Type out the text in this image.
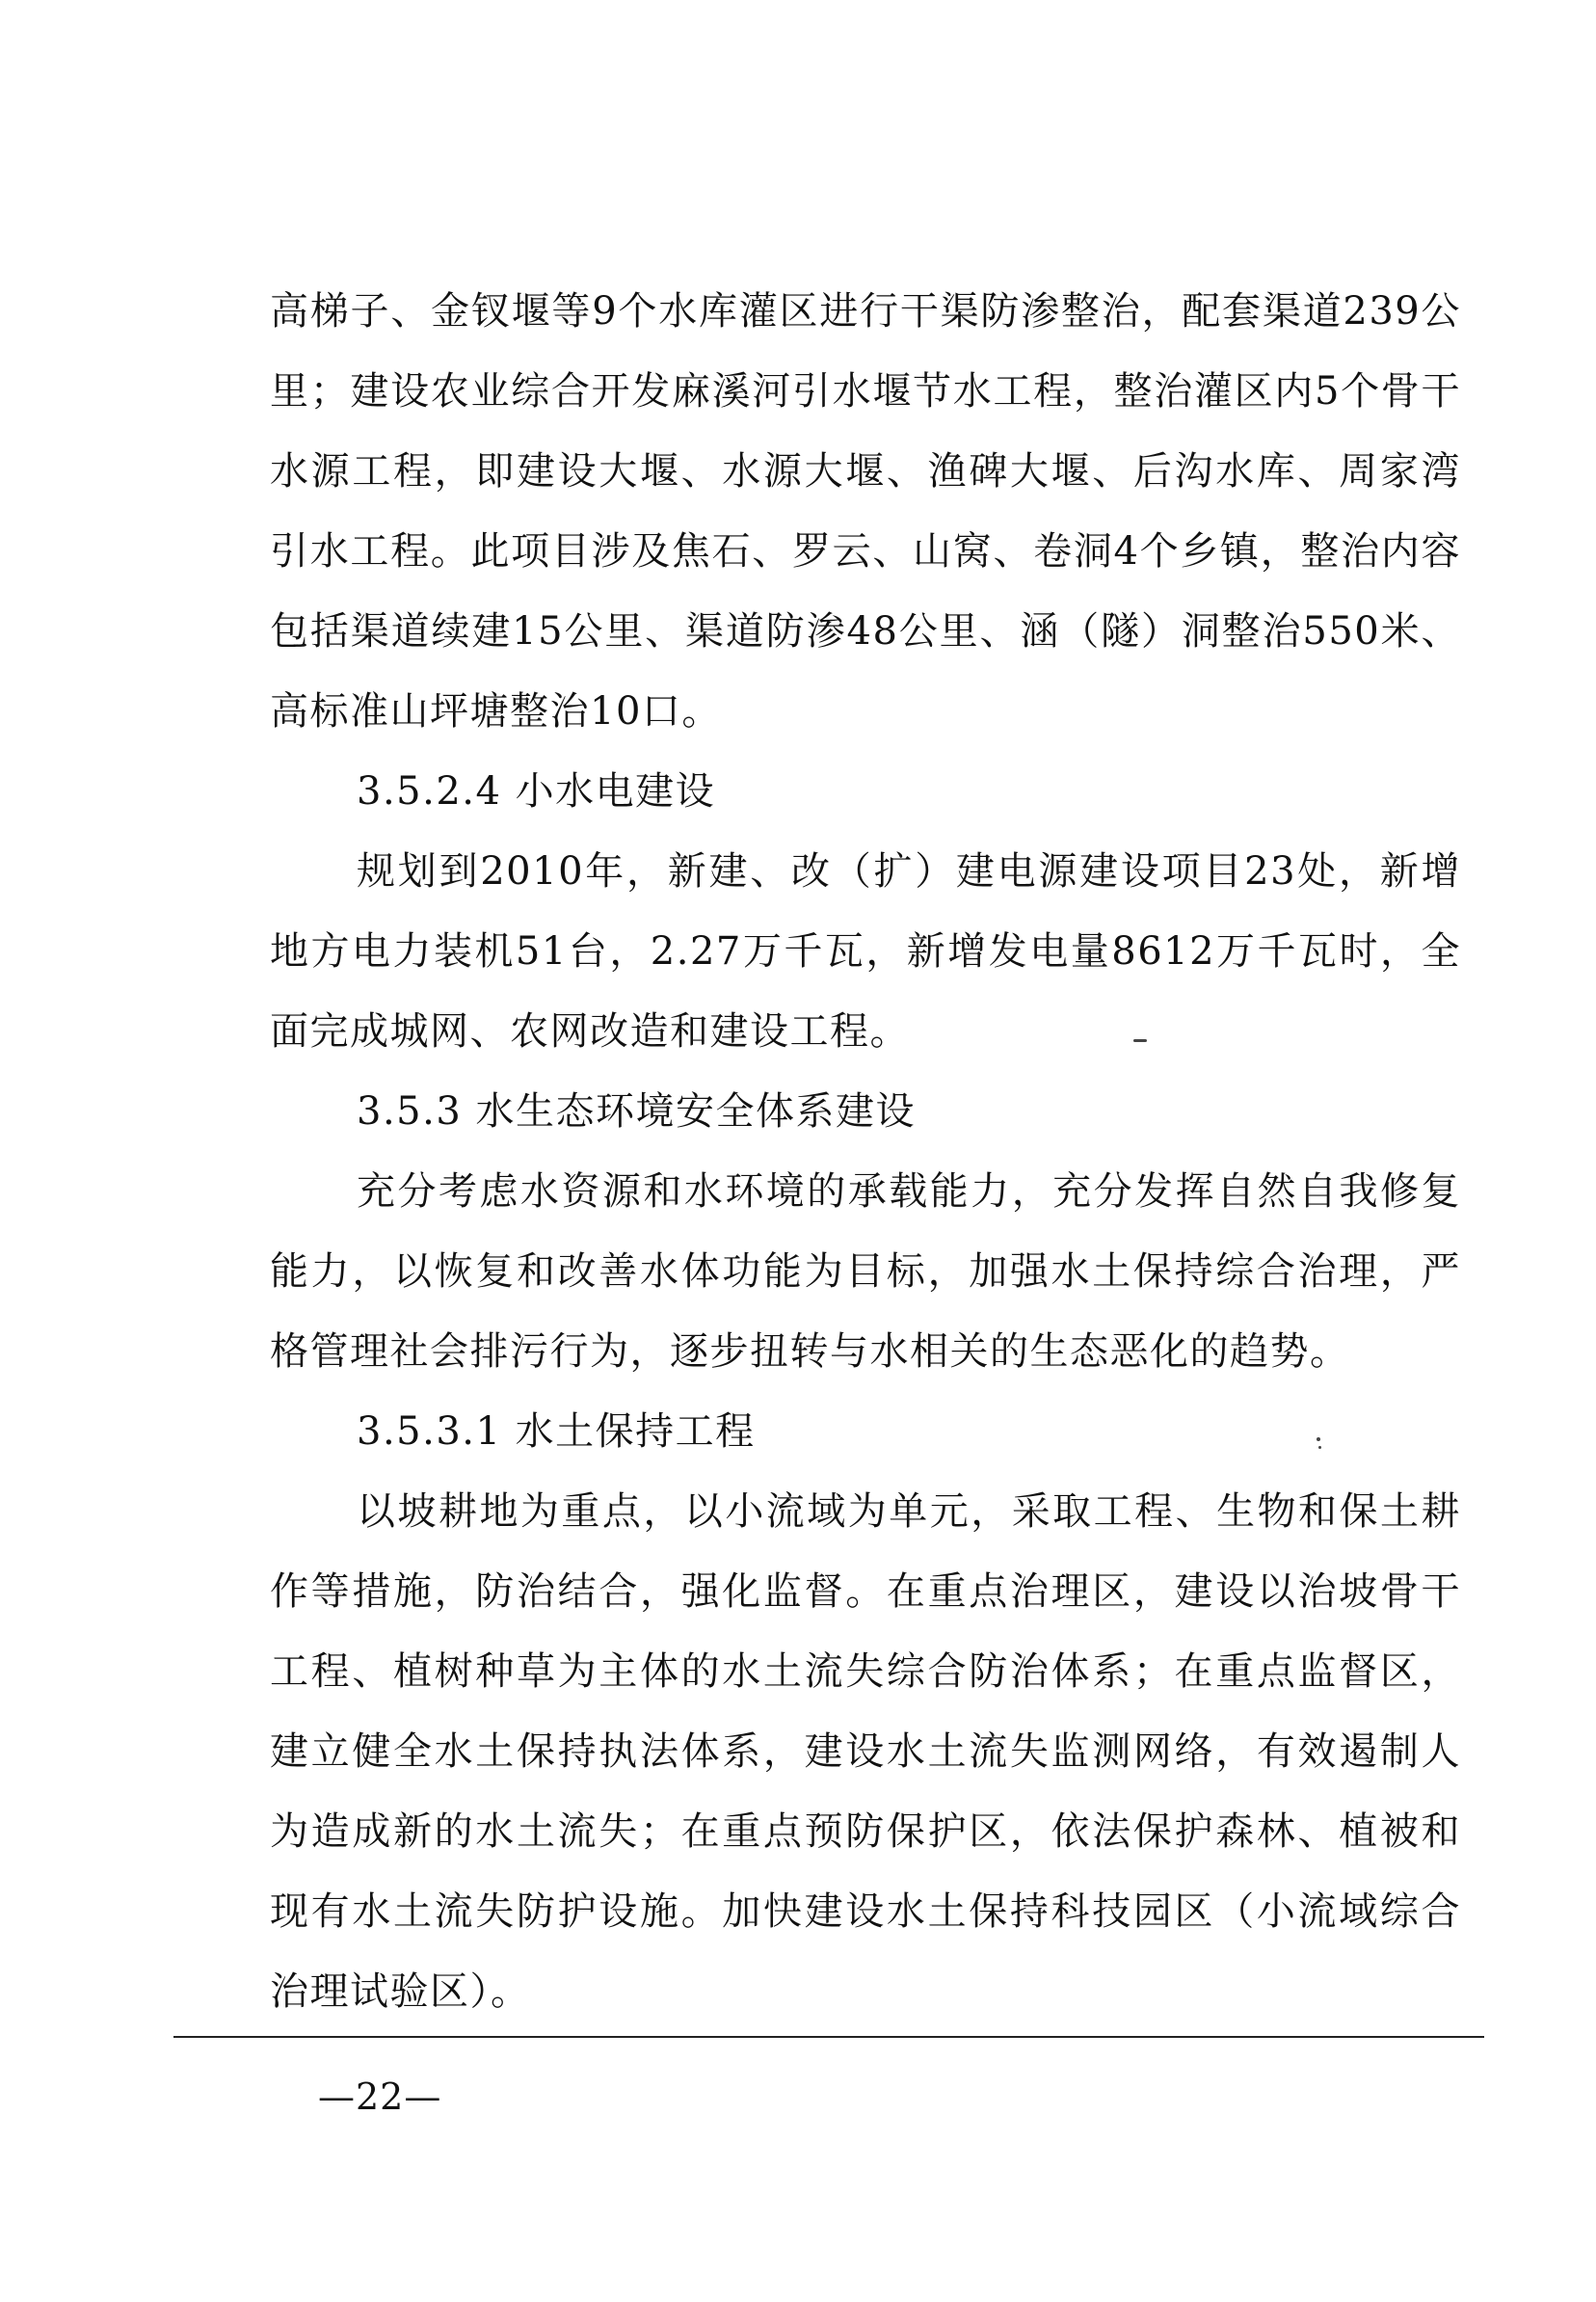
高梯子、金钗堰等9个水库灌区进行干渠防渗整治，配套渠道239公里；建设农业综合开发麻溪河引水堰节水工程，整治灌区内5个骨干水源工程，即建设大堰、水源大堰、渔碑大堰、后沟水库、周家湾引水工程。此项目涉及焦石、罗云、山窝、卷洞4个乡镇，整治内容包括渠道续建15公里、渠道防渗48公里、涵（隧）洞整治550米、高标准山坪塘整治10口。

3.5.2.4 小水电建设

规划到2010年，新建、改（扩）建电源建设项目23处，新增地方电力装机51台，2.27万千瓦，新增发电量8612万千瓦时，全面完成城网、农网改造和建设工程。

3.5.3 水生态环境安全体系建设

充分考虑水资源和水环境的承载能力，充分发挥自然自我修复能力，以恢复和改善水体功能为目标，加强水土保持综合治理，严格管理社会排污行为，逐步扭转与水相关的生态恶化的趋势。

3.5.3.1 水土保持工程

以坡耕地为重点，以小流域为单元，采取工程、生物和保土耕作等措施，防治结合，强化监督。在重点治理区，建设以治坡骨干工程、植树种草为主体的水土流失综合防治体系；在重点监督区，建立健全水土保持执法体系，建设水土流失监测网络，有效遏制人为造成新的水土流失；在重点预防保护区，依法保护森林、植被和现有水土流失防护设施。加快建设水土保持科技园区（小流域综合治理试验区）。

—22—
